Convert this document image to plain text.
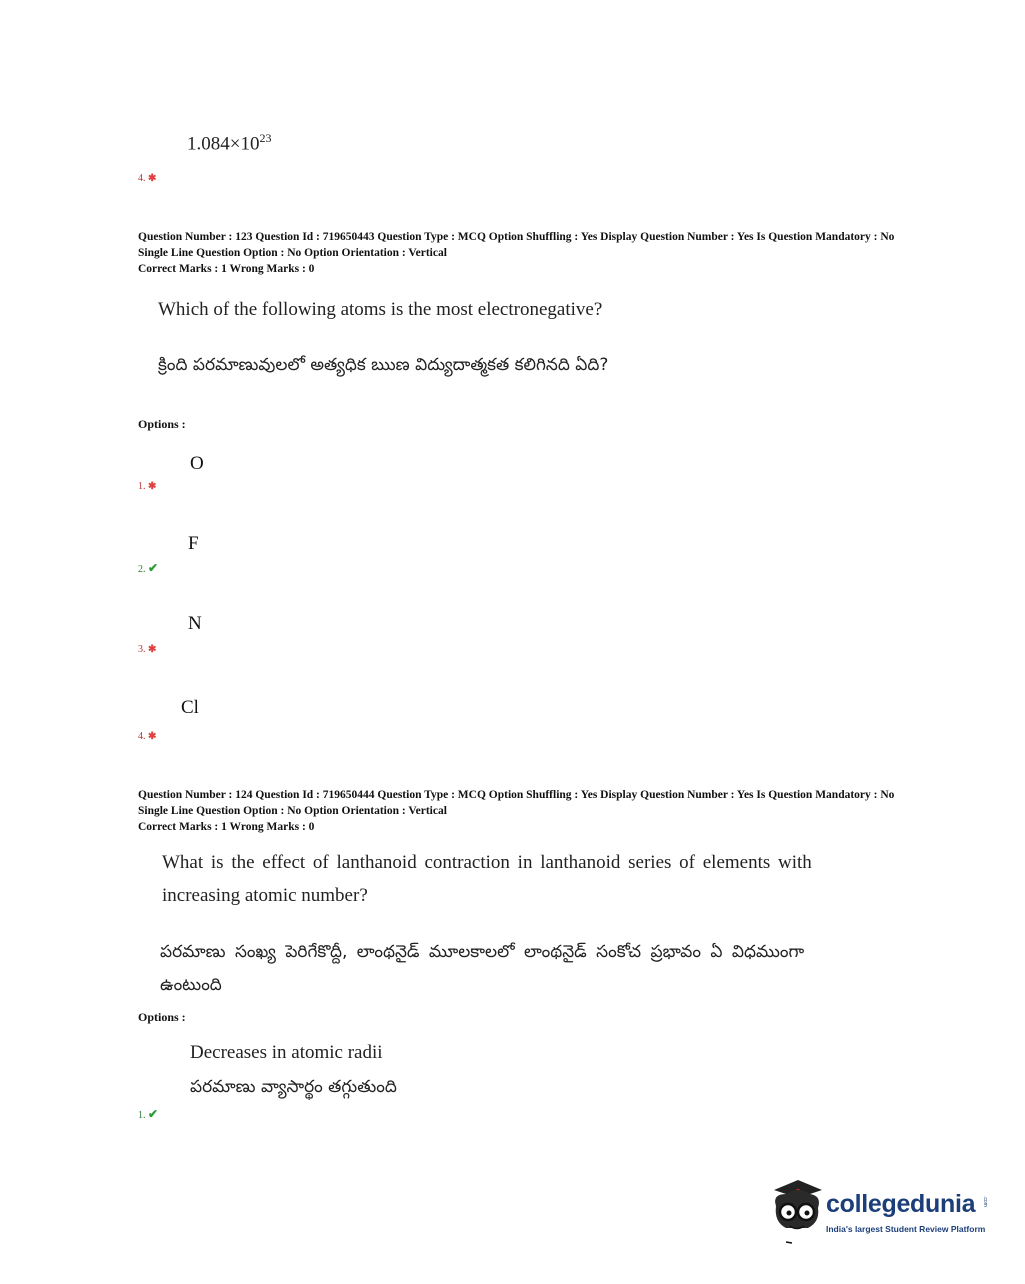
$1.084\times 10^{23}$
4. ✱
Question Number : 123 Question Id : 719650443 Question Type : MCQ Option Shuffling : Yes Display Question Number : Yes Is Question Mandatory : No Single Line Question Option : No Option Orientation : Vertical
Correct Marks : 1 Wrong Marks : 0
Which of the following atoms is the most electronegative?
క్రింది పరమాణువులలో అత్యధిక ఋణ విద్యుదాత్మకత కలిగినది ఏది?
Options :
O
1. ✱
F
2. ✔
N
3. ✱
Cl
4. ✱
Question Number : 124 Question Id : 719650444 Question Type : MCQ Option Shuffling : Yes Display Question Number : Yes Is Question Mandatory : No Single Line Question Option : No Option Orientation : Vertical
Correct Marks : 1 Wrong Marks : 0
What is the effect of lanthanoid contraction in lanthanoid series of elements with
increasing atomic number?
పరమాణు సంఖ్య పెరిగేకొద్దీ, లాంథనైడ్ మూలకాలలో లాంథనైడ్ సంకోచ ప్రభావం ఏ విధముంగా
ఉంటుంది
Options :
Decreases in atomic radii
పరమాణు వ్యాసార్థం తగ్గుతుంది
1. ✔
collegedunia .com
India's largest Student Review Platform
